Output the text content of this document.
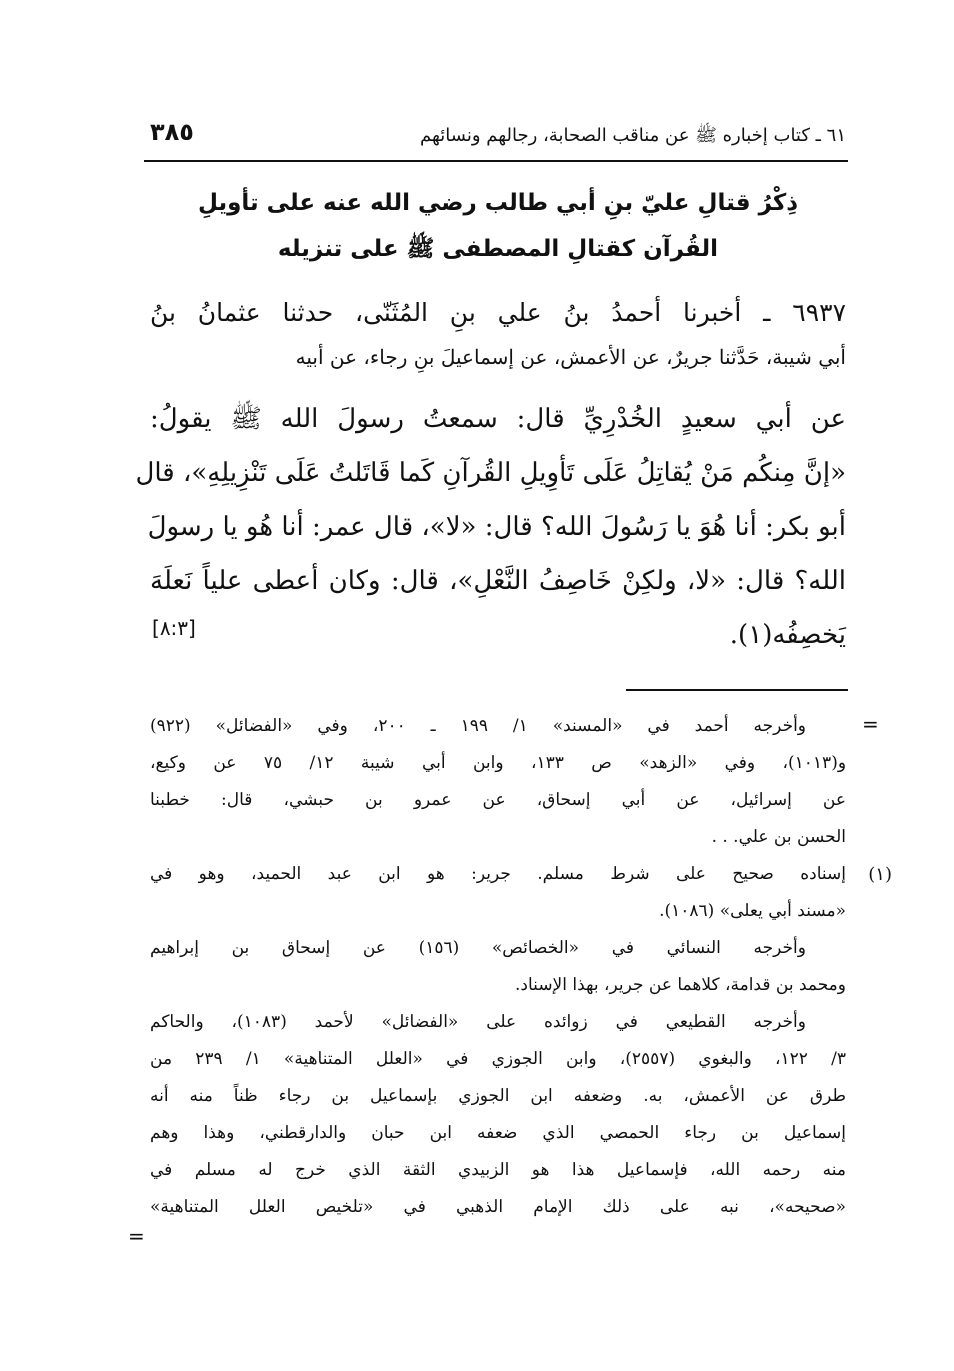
٦١ ـ كتاب إخباره ﷺ عن مناقب الصحابة، رجالهم ونسائهم
٣٨٥
ذِكْرُ قتالِ عليّ بنِ أبي طالب رضي الله عنه على تأويلِ
القُرآن كقتالِ المصطفى ﷺ على تنزيله
٦٩٣٧ ـ أخبرنا أحمدُ بنُ علي بنِ المُثَنّى، حدثنا عثمانُ بنُ
أبي شيبة، حَدَّثنا جريرٌ، عن الأعمش، عن إسماعيلَ بنِ رجاء، عن أبيه
عن أبي سعيدٍ الخُدْرِيِّ قال: سمعتُ رسولَ الله ﷺ يقولُ:
«إنَّ مِنكُم مَنْ يُقاتِلُ عَلَى تَأوِيلِ القُرآنِ كَما قَاتَلتُ عَلَى تَنْزِيلِهِ»، قال
أبو بكر: أنا هُوَ يا رَسُولَ الله؟ قال: «لا»، قال عمر: أنا هُو يا رسولَ
الله؟ قال: «لا، ولكِنْ خَاصِفُ النَّعْلِ»، قال: وكان أعطى علياً نَعلَهَ
يَخصِفُه(١).
[٨:٣]
=
=
وأخرجه أحمد في «المسند» ١/ ١٩٩ ـ ٢٠٠، وفي «الفضائل» (٩٢٢)
و(١٠١٣)، وفي «الزهد» ص ١٣٣، وابن أبي شيبة ١٢/ ٧٥ عن وكيع،
عن إسرائيل، عن أبي إسحاق، عن عمرو بن حبشي، قال: خطبنا
الحسن بن علي. . .
(١)
إسناده صحيح على شرط مسلم. جرير: هو ابن عبد الحميد، وهو في
«مسند أبي يعلى» (١٠٨٦).
وأخرجه النسائي في «الخصائص» (١٥٦) عن إسحاق بن إبراهيم
ومحمد بن قدامة، كلاهما عن جرير، بهذا الإسناد.
وأخرجه القطيعي في زوائده على «الفضائل» لأحمد (١٠٨٣)، والحاكم
٣/ ١٢٢، والبغوي (٢٥٥٧)، وابن الجوزي في «العلل المتناهية» ١/ ٢٣٩ من
طرق عن الأعمش، به. وضعفه ابن الجوزي بإسماعيل بن رجاء ظناً منه أنه
إسماعيل بن رجاء الحمصي الذي ضعفه ابن حبان والدارقطني، وهذا وهم
منه رحمه الله، فإسماعيل هذا هو الزبيدي الثقة الذي خرج له مسلم في
«صحيحه»، نبه على ذلك الإمام الذهبي في «تلخيص العلل المتناهية»
